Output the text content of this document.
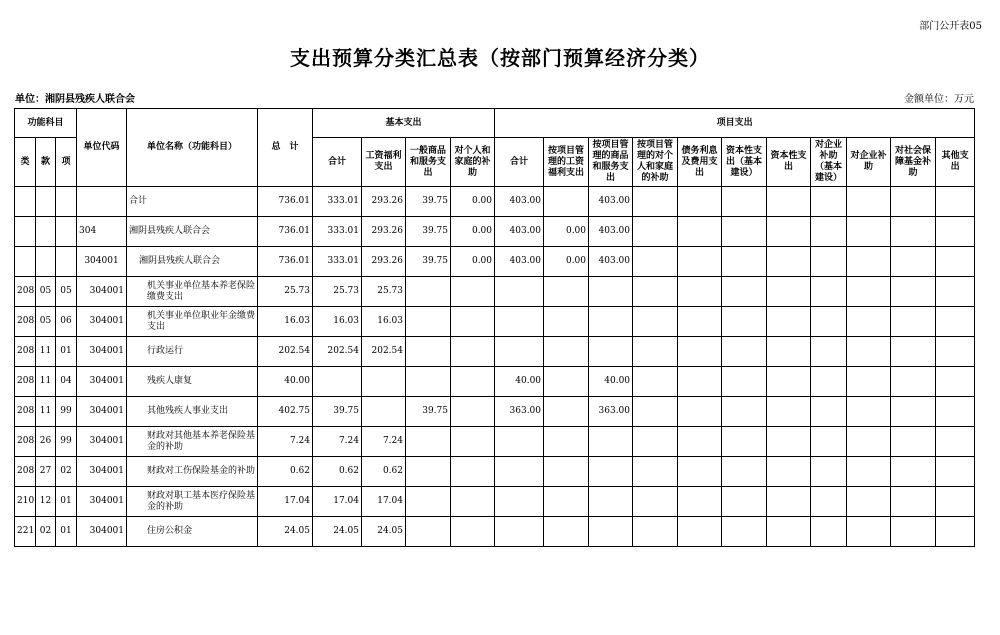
部门公开表05
支出预算分类汇总表（按部门预算经济分类）
单位：湘阴县残疾人联合会	金额单位：万元
功能科目			单位代码	单位名称（功能科目）	总　计	基本支出				项目支出										
类	款	项				合计	工资福利支出	一般商品和服务支出	对个人和家庭的补助	合计	按项目管理的工资福利支出	按项目管理的商品和服务支出	按项目管理的对个人和家庭的补助	债务利息及费用支出	资本性支出（基本建设）	资本性支出	对企业补助（基本建设）	对企业补助	对社会保障基金补助	其他支出
				合计	736.01	333.01	293.26	39.75	0.00	403.00		403.00								
			304	湘阴县残疾人联合会	736.01	333.01	293.26	39.75	0.00	403.00	0.00	403.00								
			304001	湘阴县残疾人联合会	736.01	333.01	293.26	39.75	0.00	403.00	0.00	403.00								
208	05	05	304001	机关事业单位基本养老保险缴费支出	25.73	25.73	25.73													
208	05	06	304001	机关事业单位职业年金缴费支出	16.03	16.03	16.03													
208	11	01	304001	行政运行	202.54	202.54	202.54													
208	11	04	304001	残疾人康复	40.00					40.00		40.00								
208	11	99	304001	其他残疾人事业支出	402.75	39.75		39.75		363.00		363.00								
208	26	99	304001	财政对其他基本养老保险基金的补助	7.24	7.24	7.24													
208	27	02	304001	财政对工伤保险基金的补助	0.62	0.62	0.62													
210	12	01	304001	财政对职工基本医疗保险基金的补助	17.04	17.04	17.04													
221	02	01	304001	住房公积金	24.05	24.05	24.05													
